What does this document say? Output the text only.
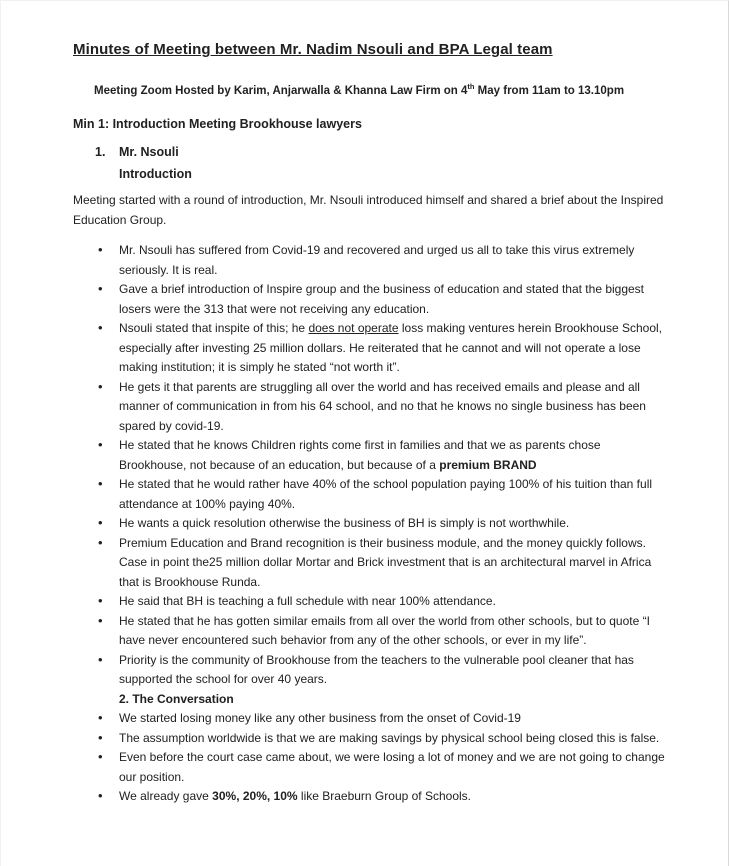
Minutes of Meeting between Mr. Nadim Nsouli and BPA Legal team

Meeting Zoom Hosted by Karim, Anjarwalla & Khanna Law Firm on 4th May from 11am to 13.10pm

Min 1: Introduction Meeting Brookhouse lawyers

1.	Mr. Nsouli
Introduction

Meeting started with a round of introduction, Mr. Nsouli introduced himself and shared a brief about the Inspired Education Group.

• Mr. Nsouli has suffered from Covid-19 and recovered and urged us all to take this virus extremely seriously. It is real.
• Gave a brief introduction of Inspire group and the business of education and stated that the biggest losers were the 313 that were not receiving any education.
• Nsouli stated that inspite of this; he does not operate loss making ventures herein Brookhouse School, especially after investing 25 million dollars. He reiterated that he cannot and will not operate a lose making institution; it is simply he stated “not worth it”.
• He gets it that parents are struggling all over the world and has received emails and please and all manner of communication in from his 64 school, and no that he knows no single business has been spared by covid-19.
• He stated that he knows Children rights come first in families and that we as parents chose Brookhouse, not because of an education, but because of a premium BRAND
• He stated that he would rather have 40% of the school population paying 100% of his tuition than full attendance at 100% paying 40%.
• He wants a quick resolution otherwise the business of BH is simply is not worthwhile.
• Premium Education and Brand recognition is their business module, and the money quickly follows. Case in point the25 million dollar Mortar and Brick investment that is an architectural marvel in Africa that is Brookhouse Runda.
• He said that BH is teaching a full schedule with near 100% attendance.
• He stated that he has gotten similar emails from all over the world from other schools, but to quote “I have never encountered such behavior from any of the other schools, or ever in my life”.
• Priority is the community of Brookhouse from the teachers to the vulnerable pool cleaner that has supported the school for over 40 years.

2. The Conversation

• We started losing money like any other business from the onset of Covid-19
• The assumption worldwide is that we are making savings by physical school being closed this is false.
• Even before the court case came about, we were losing a lot of money and we are not going to change our position.
• We already gave 30%, 20%, 10% like Braeburn Group of Schools.
